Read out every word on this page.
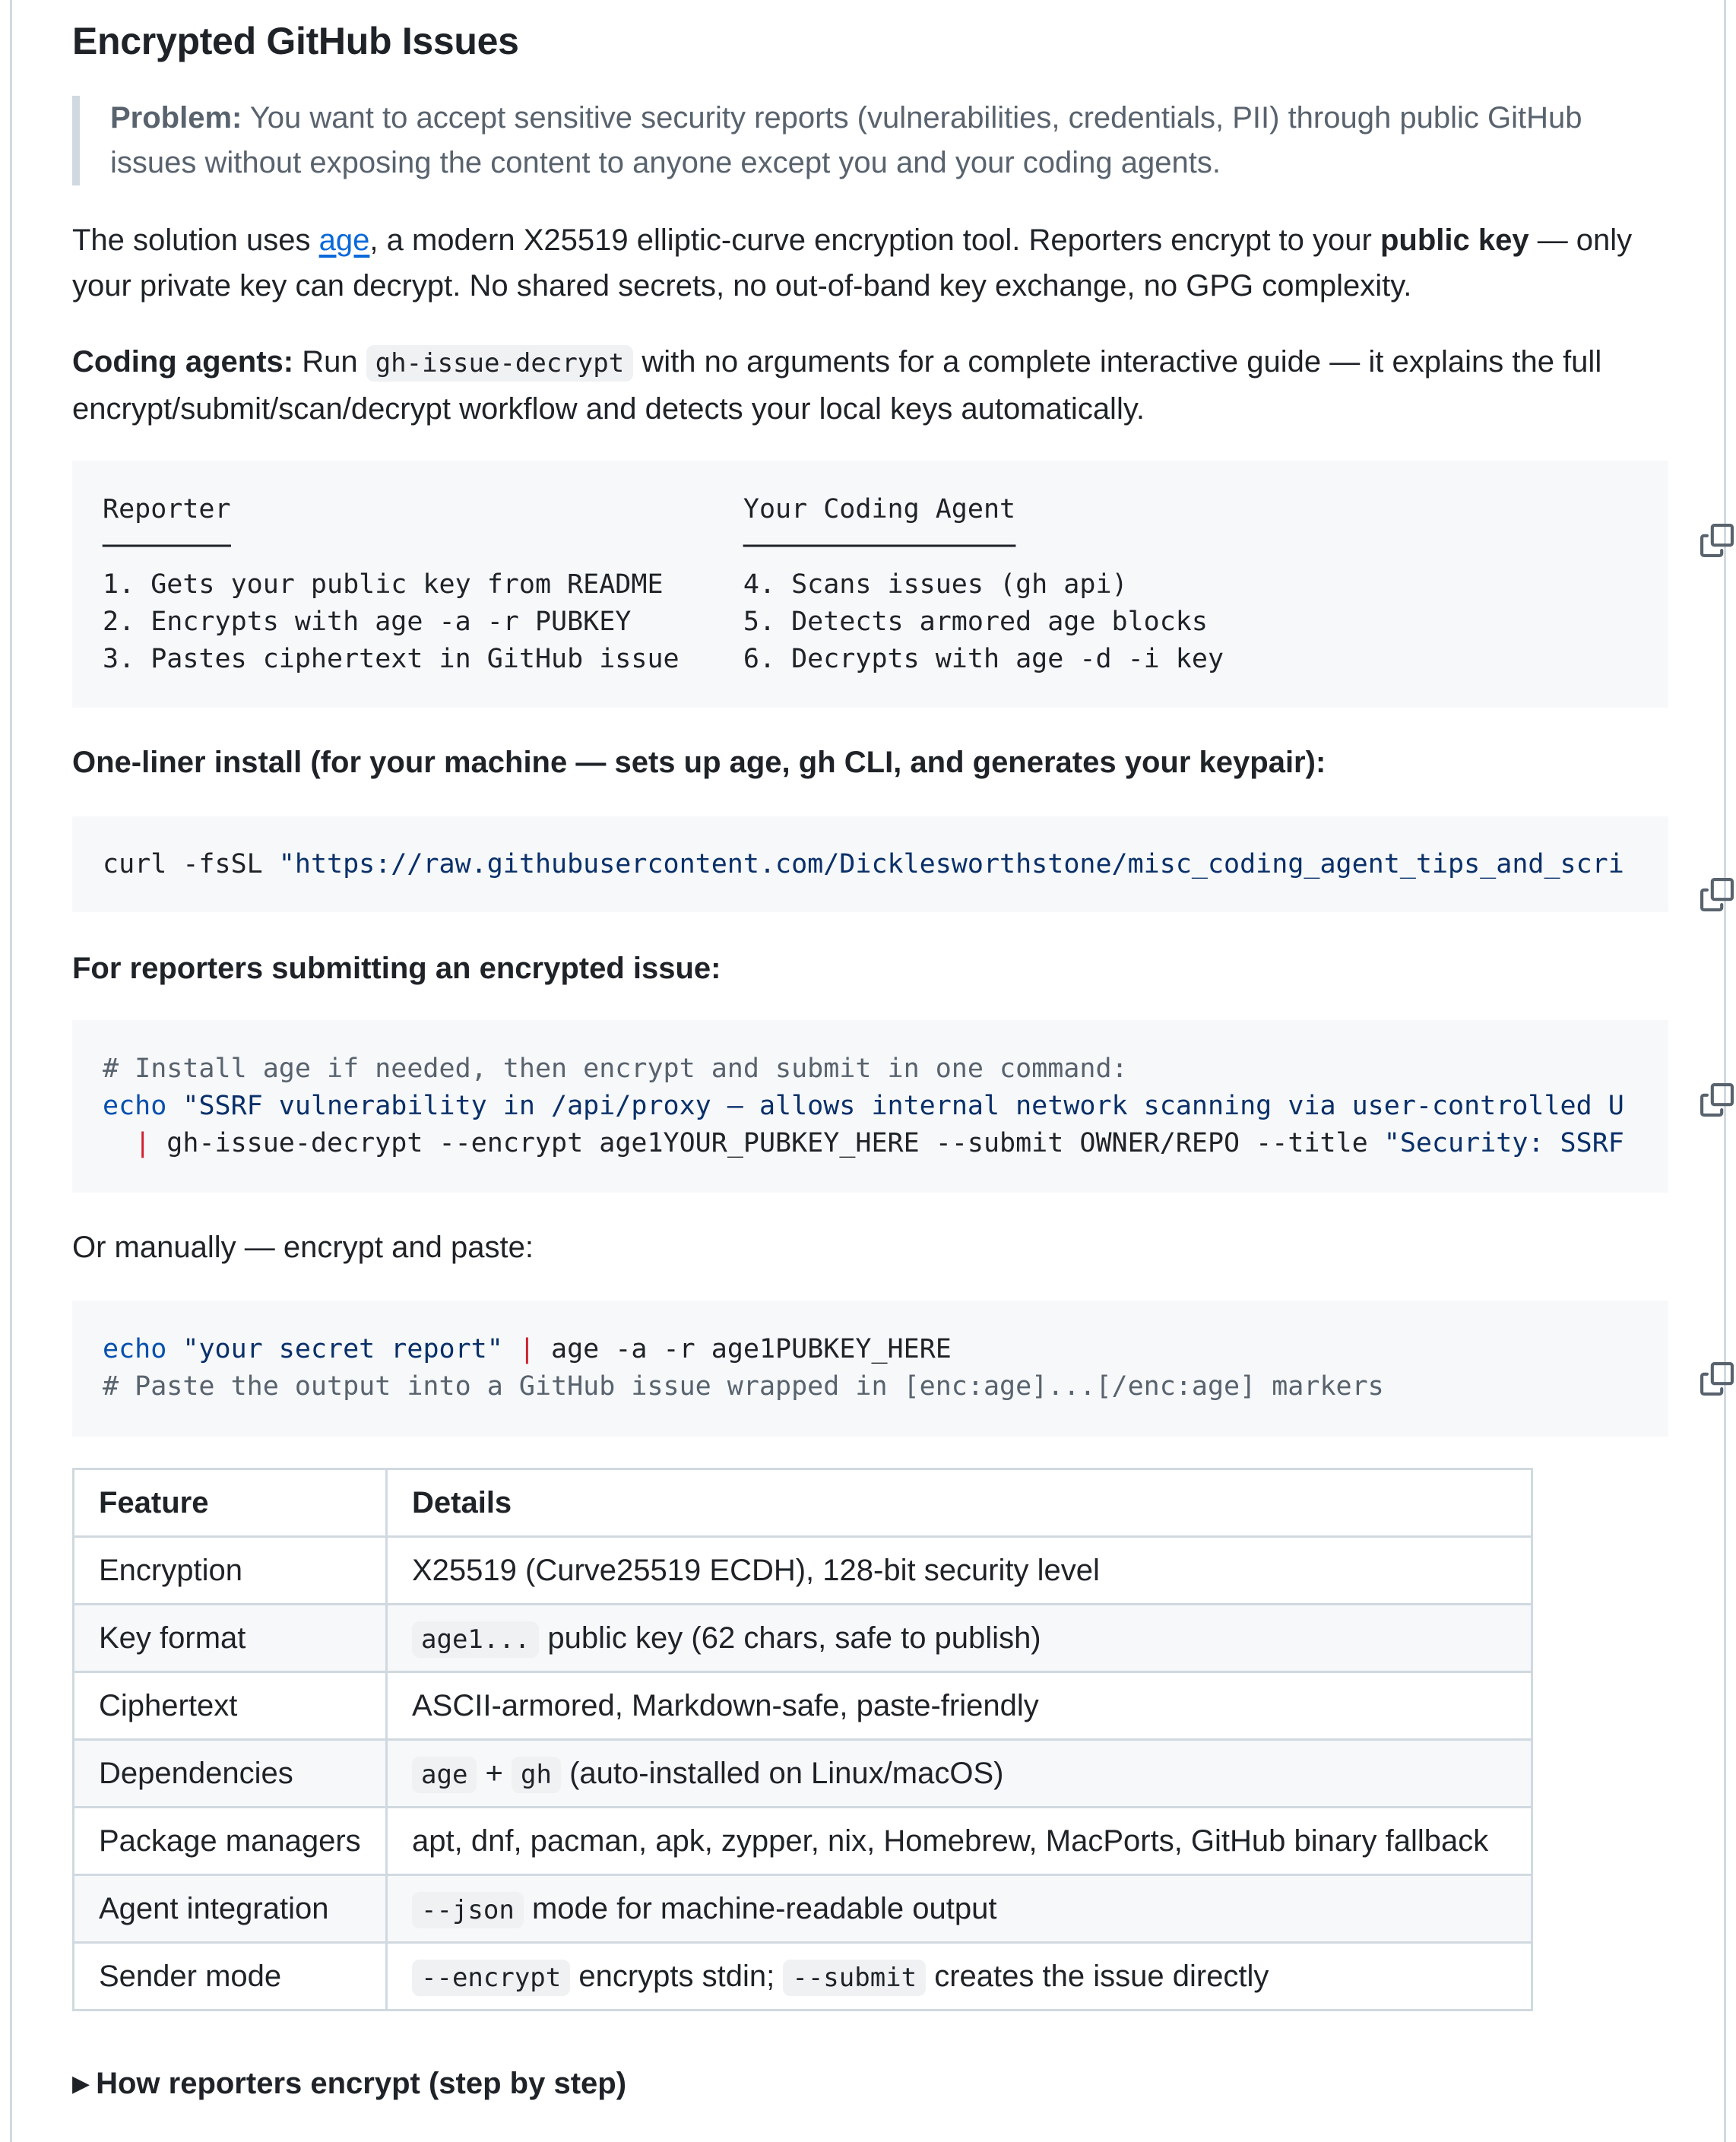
Encrypted GitHub Issues

Problem: You want to accept sensitive security reports (vulnerabilities, credentials, PII) through public GitHub

issues without exposing the content to anyone except you and your coding agents.

The solution uses age, a modern X25519 elliptic-curve encryption tool. Reporters encrypt to your public key — only

your private key can decrypt. No shared secrets, no out-of-band key exchange, no GPG complexity.

Coding agents: Run gh-issue-decrypt with no arguments for a complete interactive guide — it explains the full

encrypt/submit/scan/decrypt workflow and detects your local keys automatically.

Reporter                                Your Coding Agent

────────                                ─────────────────

1. Gets your public key from README     4. Scans issues (gh api)

2. Encrypts with age -a -r PUBKEY       5. Detects armored age blocks

3. Pastes ciphertext in GitHub issue    6. Decrypts with age -d -i key

One-liner install (for your machine — sets up age, gh CLI, and generates your keypair):

curl -fsSL "https://raw.githubusercontent.com/Dicklesworthstone/misc_coding_agent_tips_and_scri

For reporters submitting an encrypted issue:

# Install age if needed, then encrypt and submit in one command:

echo "SSRF vulnerability in /api/proxy — allows internal network scanning via user-controlled U

| gh-issue-decrypt --encrypt age1YOUR_PUBKEY_HERE --submit OWNER/REPO --title "Security: SSRF

Or manually — encrypt and paste:

echo "your secret report" | age -a -r age1PUBKEY_HERE

# Paste the output into a GitHub issue wrapped in [enc:age]...[/enc:age] markers

Feature	Details
Encryption	X25519 (Curve25519 ECDH), 128-bit security level
Key format	age1... public key (62 chars, safe to publish)
Ciphertext	ASCII-armored, Markdown-safe, paste-friendly
Dependencies	age + gh (auto-installed on Linux/macOS)
Package managers	apt, dnf, pacman, apk, zypper, nix, Homebrew, MacPorts, GitHub binary fallback
Agent integration	--json mode for machine-readable output
Sender mode	--encrypt encrypts stdin; --submit creates the issue directly
▶ How reporters encrypt (step by step)
